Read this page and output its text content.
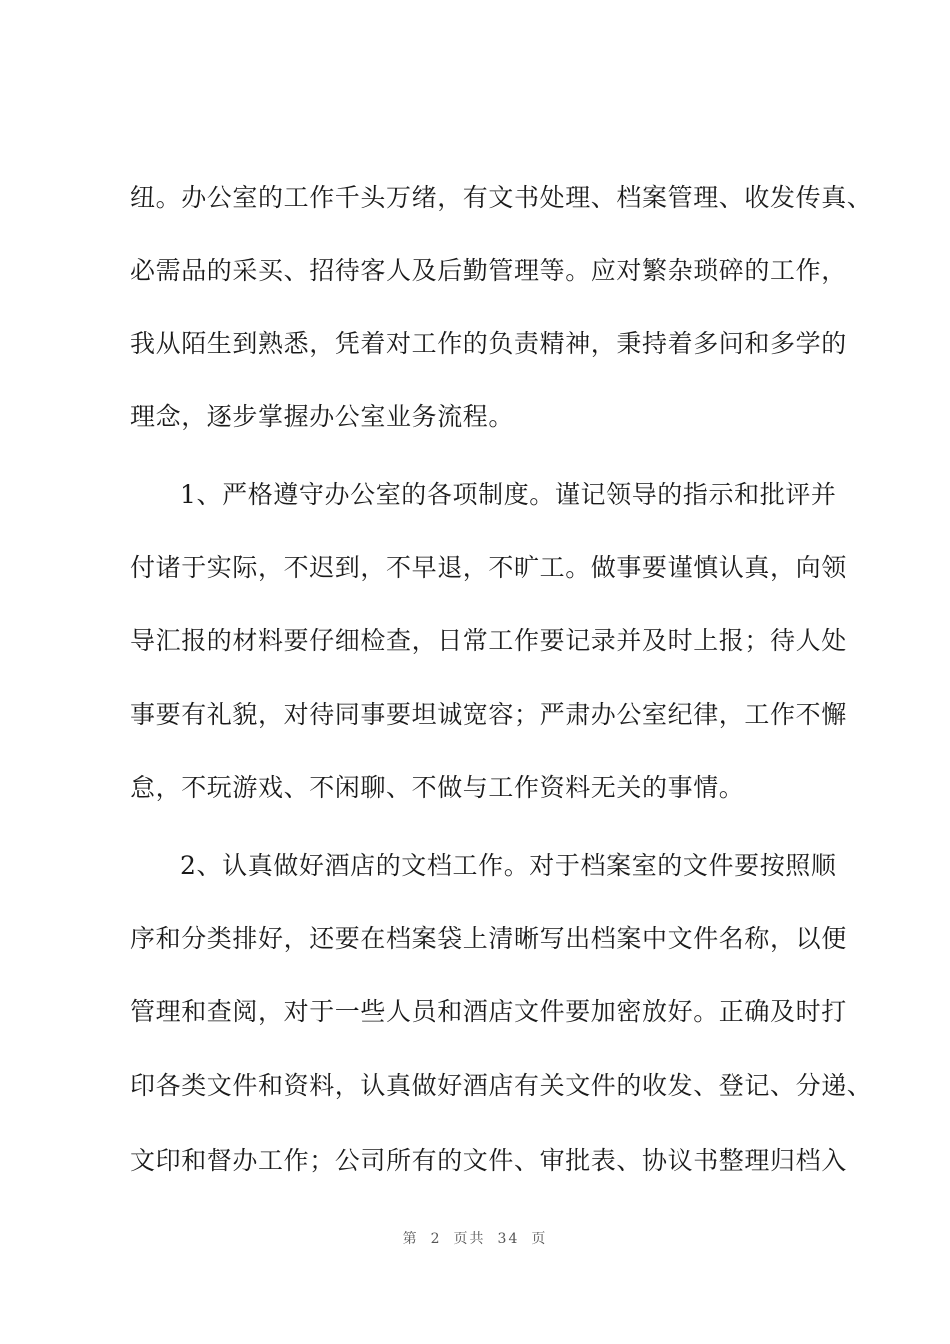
纽。办公室的工作千头万绪，有文书处理、档案管理、收发传真、
必需品的采买、招待客人及后勤管理等。应对繁杂琐碎的工作，
我从陌生到熟悉，凭着对工作的负责精神，秉持着多问和多学的
理念，逐步掌握办公室业务流程。
1、严格遵守办公室的各项制度。谨记领导的指示和批评并
付诸于实际，不迟到，不早退，不旷工。做事要谨慎认真，向领
导汇报的材料要仔细检查，日常工作要记录并及时上报；待人处
事要有礼貌，对待同事要坦诚宽容；严肃办公室纪律，工作不懈
怠，不玩游戏、不闲聊、不做与工作资料无关的事情。
2、认真做好酒店的文档工作。对于档案室的文件要按照顺
序和分类排好，还要在档案袋上清晰写出档案中文件名称，以便
管理和查阅，对于一些人员和酒店文件要加密放好。正确及时打
印各类文件和资料，认真做好酒店有关文件的收发、登记、分递、
文印和督办工作；公司所有的文件、审批表、协议书整理归档入
第 2 页共 34 页
